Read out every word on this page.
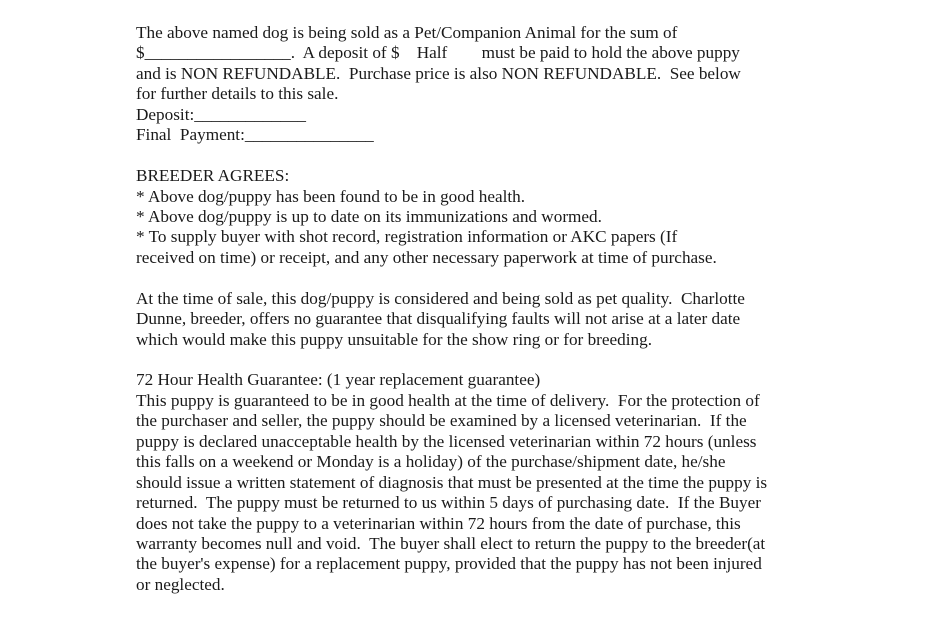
The above named dog is being sold as a Pet/Companion Animal for the sum of
$_________________.  A deposit of $    Half        must be paid to hold the above puppy
and is NON REFUNDABLE.  Purchase price is also NON REFUNDABLE.  See below
for further details to this sale.
Deposit:_____________
Final  Payment:_______________
BREEDER AGREES:
* Above dog/puppy has been found to be in good health.
* Above dog/puppy is up to date on its immunizations and wormed.
* To supply buyer with shot record, registration information or AKC papers (If
received on time) or receipt, and any other necessary paperwork at time of purchase.
At the time of sale, this dog/puppy is considered and being sold as pet quality.  Charlotte
Dunne, breeder, offers no guarantee that disqualifying faults will not arise at a later date
which would make this puppy unsuitable for the show ring or for breeding.
72 Hour Health Guarantee: (1 year replacement guarantee)
This puppy is guaranteed to be in good health at the time of delivery.  For the protection of
the purchaser and seller, the puppy should be examined by a licensed veterinarian.  If the
puppy is declared unacceptable health by the licensed veterinarian within 72 hours (unless
this falls on a weekend or Monday is a holiday) of the purchase/shipment date, he/she
should issue a written statement of diagnosis that must be presented at the time the puppy is
returned.  The puppy must be returned to us within 5 days of purchasing date.  If the Buyer
does not take the puppy to a veterinarian within 72 hours from the date of purchase, this
warranty becomes null and void.  The buyer shall elect to return the puppy to the breeder(at
the buyer's expense) for a replacement puppy, provided that the puppy has not been injured
or neglected.
